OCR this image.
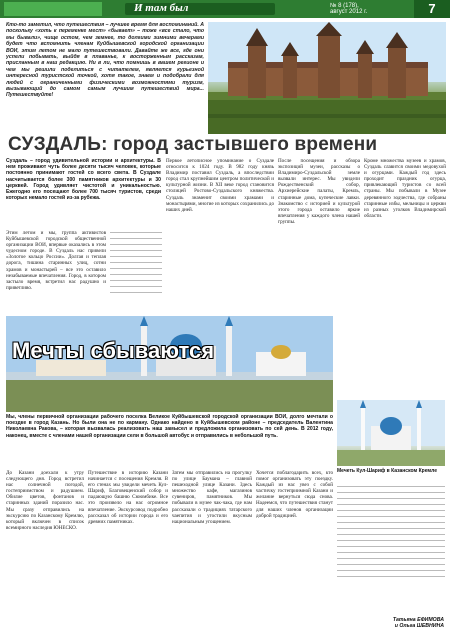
И там был	№ 8 (178),
август 2012 г.	7
Кто-то заметил, что путешествия – лучшее время для воспоминаний. А поскольку «хоть к переменке мест» «бывает» – тоже «все стало, что мы бывали», чище остом, чем земнее, то долгими зимними вечерами будет что вспомнить членам Куйбышевской городской организации ВОИ, этим летом не мало путешествовали. Давайте же все, где они успели побывать, выйдя в плаванье, к восторженным рассказам, присланным в наш редакцию. Ни в ли, что помнишь в вашем регионе и чем мы решили поделиться с читателем, является курьезной интересной туристской точкой, хотя такое, знаем и подобрали для людей с ограниченными физическими возможностями туризм, вызывающий до самом самым лучшим путешествий мира... Путешествуйте!
СУЗДАЛЬ: город застывшего времени
Суздаль – город удивительной истории и архитектуры. В нем проживают чуть более десяти тысяч человек, которые постоянно принимают гостей со всего света. В Суздале насчитывается более 300 памятников архитектуры и 30 церквей. Город удивляет чистотой и уникальностью. Ежегодно его посещают более 700 тысяч туристов, среди которых немало гостей из-за рубежа.
Этим летом и мы, группа активистов Куйбышевской городской общественной организации ВОИ, впервые оказались в этом чудесном городе. В Суздаль нас привели «Золотое кольцо России». Долгая и теплая дорога, тишина старинных улиц, сотни храмов и монастырей – все это оставило незабываемые впечатления. Город, в котором застыло время, встретил нас радушно и приветливо.
Первое летописное упоминание о Суздале относится к 1024 году. В 982 году князь Владимир поставил Суздаль, а впоследствии город стал крупнейшим центром политической и культурной жизни. В XII веке город становится столицей Ростово-Суздальского княжества. Суздаль знаменит своими храмами и монастырями, многие из которых сохранились до наших дней.
После посещения и обзора экспозиций музеи, рассказы о Владимиро-Суздальской земле вызвали интерес. Мы увидели Рождественский собор, Архиерейские палаты, Кремль, старинные дома, купеческие лавки. Знакомство с историей и культурой этого города оставило яркие впечатления у каждого члена нашей группы.
Кроме множества музеев и храмов, Суздаль славится своими медовухой и огурцами. Каждый год здесь проходит праздник огурца, привлекающий туристов со всей страны. Мы побывали в Музее деревянного зодчества, где собраны старинные избы, мельницы и церкви из разных уголков Владимирской области.
Мечты сбываются
Мы, члены первичной организации рабочего поселка Великое Куйбышевской городской организации ВОИ, долго мечтали о поездке в город Казань. Но были она не по карману. Однако найдено в Куйбышевском районе – председатель Валентина Николаевна Ракова, – которая вызвалась реализовать наш замысел и предложила организовать по сей день. В 2012 году, наконец, вместе с членами нашей организации сели в большой автобус и отправились в небольшой путь.
До Казани доехали к утру следующего дня. Город встретил нас солнечной погодой, гостеприимством и радушием. Обилие цветов, фонтанов и старинных зданий поразило нас. Мы сразу отправились на экскурсию по Казанскому Кремлю, который включен в список всемирного наследия ЮНЕСКО.
Путешествие в историю Казани начинается с посещения Кремля. В его стенах мы увидели мечеть Кул-Шариф, Благовещенский собор и падающую башню Сююмбике. Все это произвело на нас огромное впечатление. Экскурсовод подробно рассказал об истории города и его древних памятниках.
Затем мы отправились на прогулку по улице Баумана – главной пешеходной улице Казани. Здесь множество кафе, магазинов сувениров, памятников. Мы побывали в музее чак-чака, где нам рассказали о традициях татарского чаепития и угостили вкусным национальным угощением.
Хочется поблагодарить всех, кто помог организовать эту поездку. Каждый из нас увез с собой частичку гостеприимной Казани и желание вернуться сюда снова. Надеемся, что путешествия станут для наших членов организации доброй традицией.
Мечеть Кул-Шариф в Казанском Кремле
Татьяна ЕФИМОВА
и Ольга ШЕВНИНА
